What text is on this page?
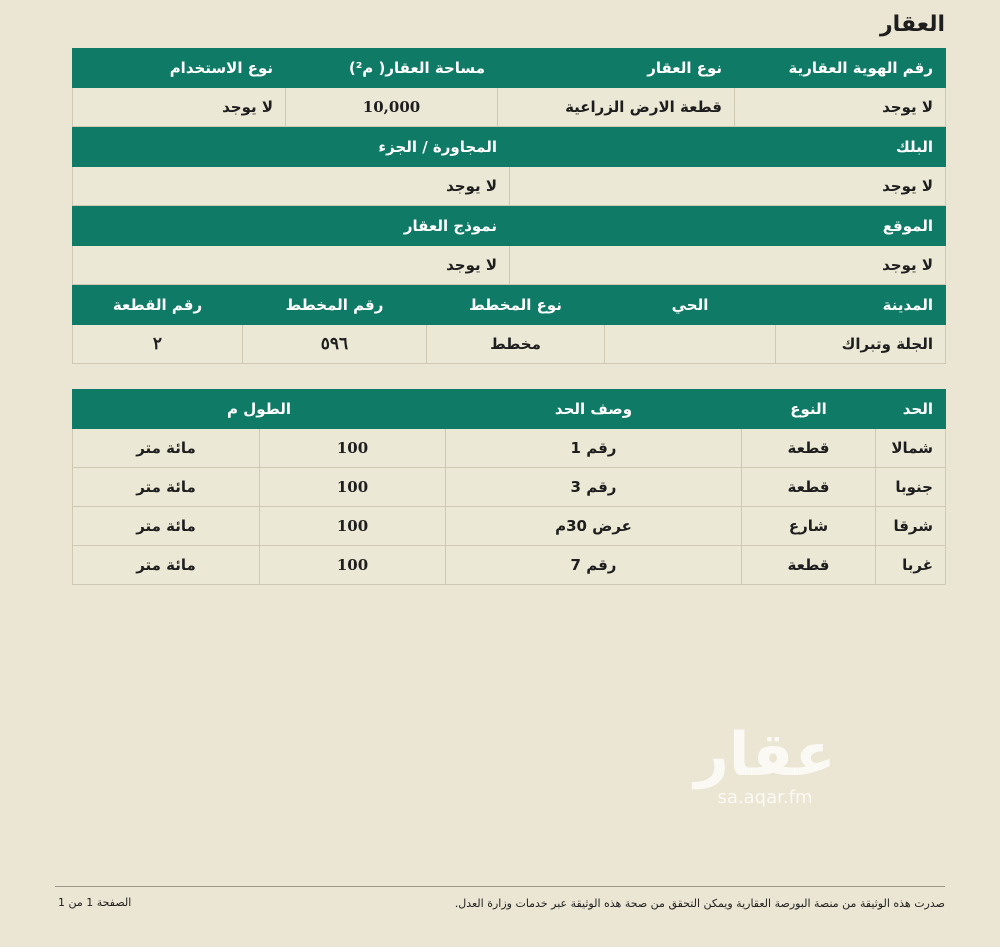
العقار
رقم الهوية العقارية	نوع العقار	مساحة العقار( م²)	نوع الاستخدام
لا يوجد	قطعة الارض الزراعية	10,000	لا يوجد
البلك	المجاورة / الجزء
لا يوجد	لا يوجد
الموقع	نموذج العقار
لا يوجد	لا يوجد
المدينة	الحي	نوع المخطط	رقم المخطط	رقم القطعة
الجلة وتبراك		مخطط	٥٩٦	٢
الحد	النوع	وصف الحد	الطول م	
شمالا	قطعة	رقم 1	100	مائة متر
جنوبا	قطعة	رقم 3	100	مائة متر
شرقا	شارع	عرض 30م	100	مائة متر
غربا	قطعة	رقم 7	100	مائة متر
عقار
sa.aqar.fm
صدرت هذه الوثيقة من منصة البورصة العقارية ويمكن التحقق من صحة هذه الوثيقة عبر خدمات وزارة العدل.
الصفحة 1 من 1
